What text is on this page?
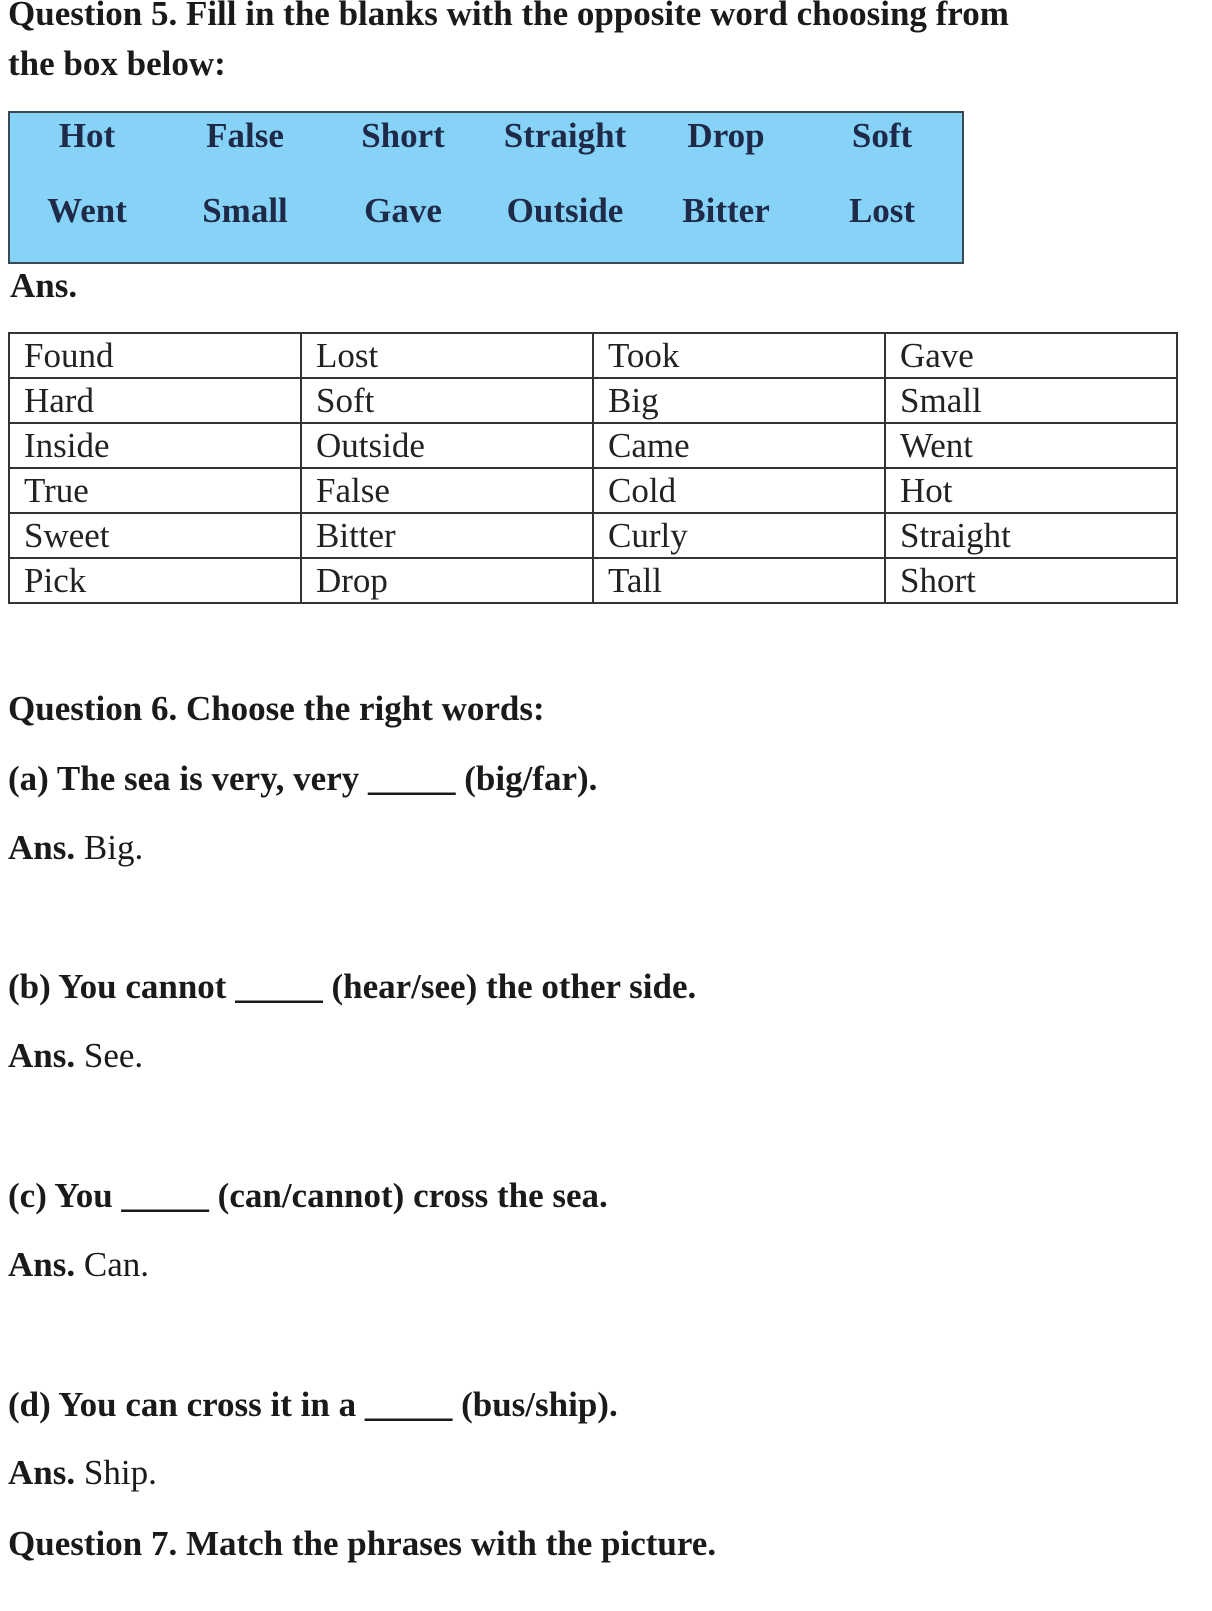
Question 5. Fill in the blanks with the opposite word choosing from
the box below:
Ans.
Found	Lost	Took	Gave
Hard	Soft	Big	Small
Inside	Outside	Came	Went
True	False	Cold	Hot
Sweet	Bitter	Curly	Straight
Pick	Drop	Tall	Short
Question 6. Choose the right words:
(a) The sea is very, very _____ (big/far).
Ans. Big.
(b) You cannot _____ (hear/see) the other side.
Ans. See.
(c) You _____ (can/cannot) cross the sea.
Ans. Can.
(d) You can cross it in a _____ (bus/ship).
Ans. Ship.
Question 7. Match the phrases with the picture.
Hot	False Short Straight Drop Soft
Went Small Gave Outside Bitter Lost
